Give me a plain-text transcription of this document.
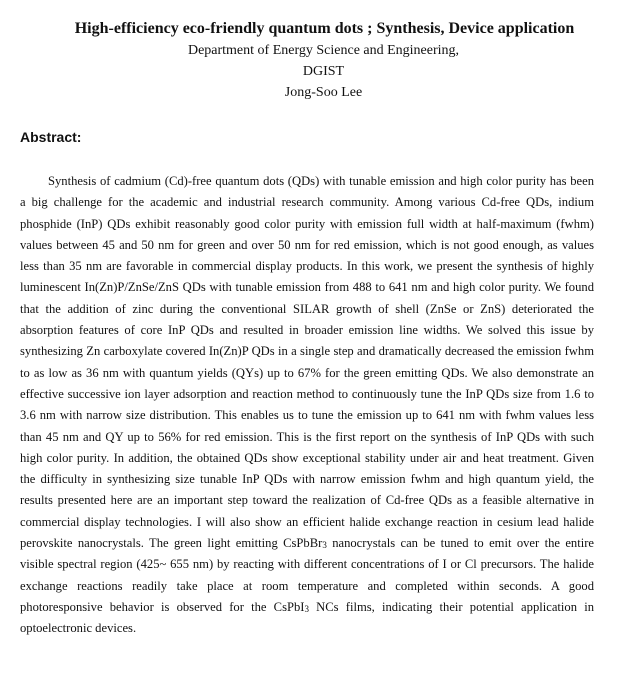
High-efficiency eco-friendly quantum dots ; Synthesis, Device application

Department of Energy Science and Engineering,

DGIST

Jong-Soo Lee

Abstract:

Synthesis of cadmium (Cd)-free quantum dots (QDs) with tunable emission and high color purity has been a big challenge for the academic and industrial research community. Among various Cd-free QDs, indium phosphide (InP) QDs exhibit reasonably good color purity with emission full width at half-maximum (fwhm) values between 45 and 50 nm for green and over 50 nm for red emission, which is not good enough, as values less than 35 nm are favorable in commercial display products. In this work, we present the synthesis of highly luminescent In(Zn)P/ZnSe/ZnS QDs with tunable emission from 488 to 641 nm and high color purity. We found that the addition of zinc during the conventional SILAR growth of shell (ZnSe or ZnS) deteriorated the absorption features of core InP QDs and resulted in broader emission line widths. We solved this issue by synthesizing Zn carboxylate covered In(Zn)P QDs in a single step and dramatically decreased the emission fwhm to as low as 36 nm with quantum yields (QYs) up to 67% for the green emitting QDs. We also demonstrate an effective successive ion layer adsorption and reaction method to continuously tune the InP QDs size from 1.6 to 3.6 nm with narrow size distribution. This enables us to tune the emission up to 641 nm with fwhm values less than 45 nm and QY up to 56% for red emission. This is the first report on the synthesis of InP QDs with such high color purity. In addition, the obtained QDs show exceptional stability under air and heat treatment. Given the difficulty in synthesizing size tunable InP QDs with narrow emission fwhm and high quantum yield, the results presented here are an important step toward the realization of Cd-free QDs as a feasible alternative in commercial display technologies. I will also show an efficient halide exchange reaction in cesium lead halide perovskite nanocrystals. The green light emitting CsPbBr$_3$ nanocrystals can be tuned to emit over the entire visible spectral region (425~ 655 nm) by reacting with different concentrations of I or Cl precursors. The halide exchange reactions readily take place at room temperature and completed within seconds. A good photoresponsive behavior is observed for the CsPbI$_3$ NCs films, indicating their potential application in optoelectronic devices.
